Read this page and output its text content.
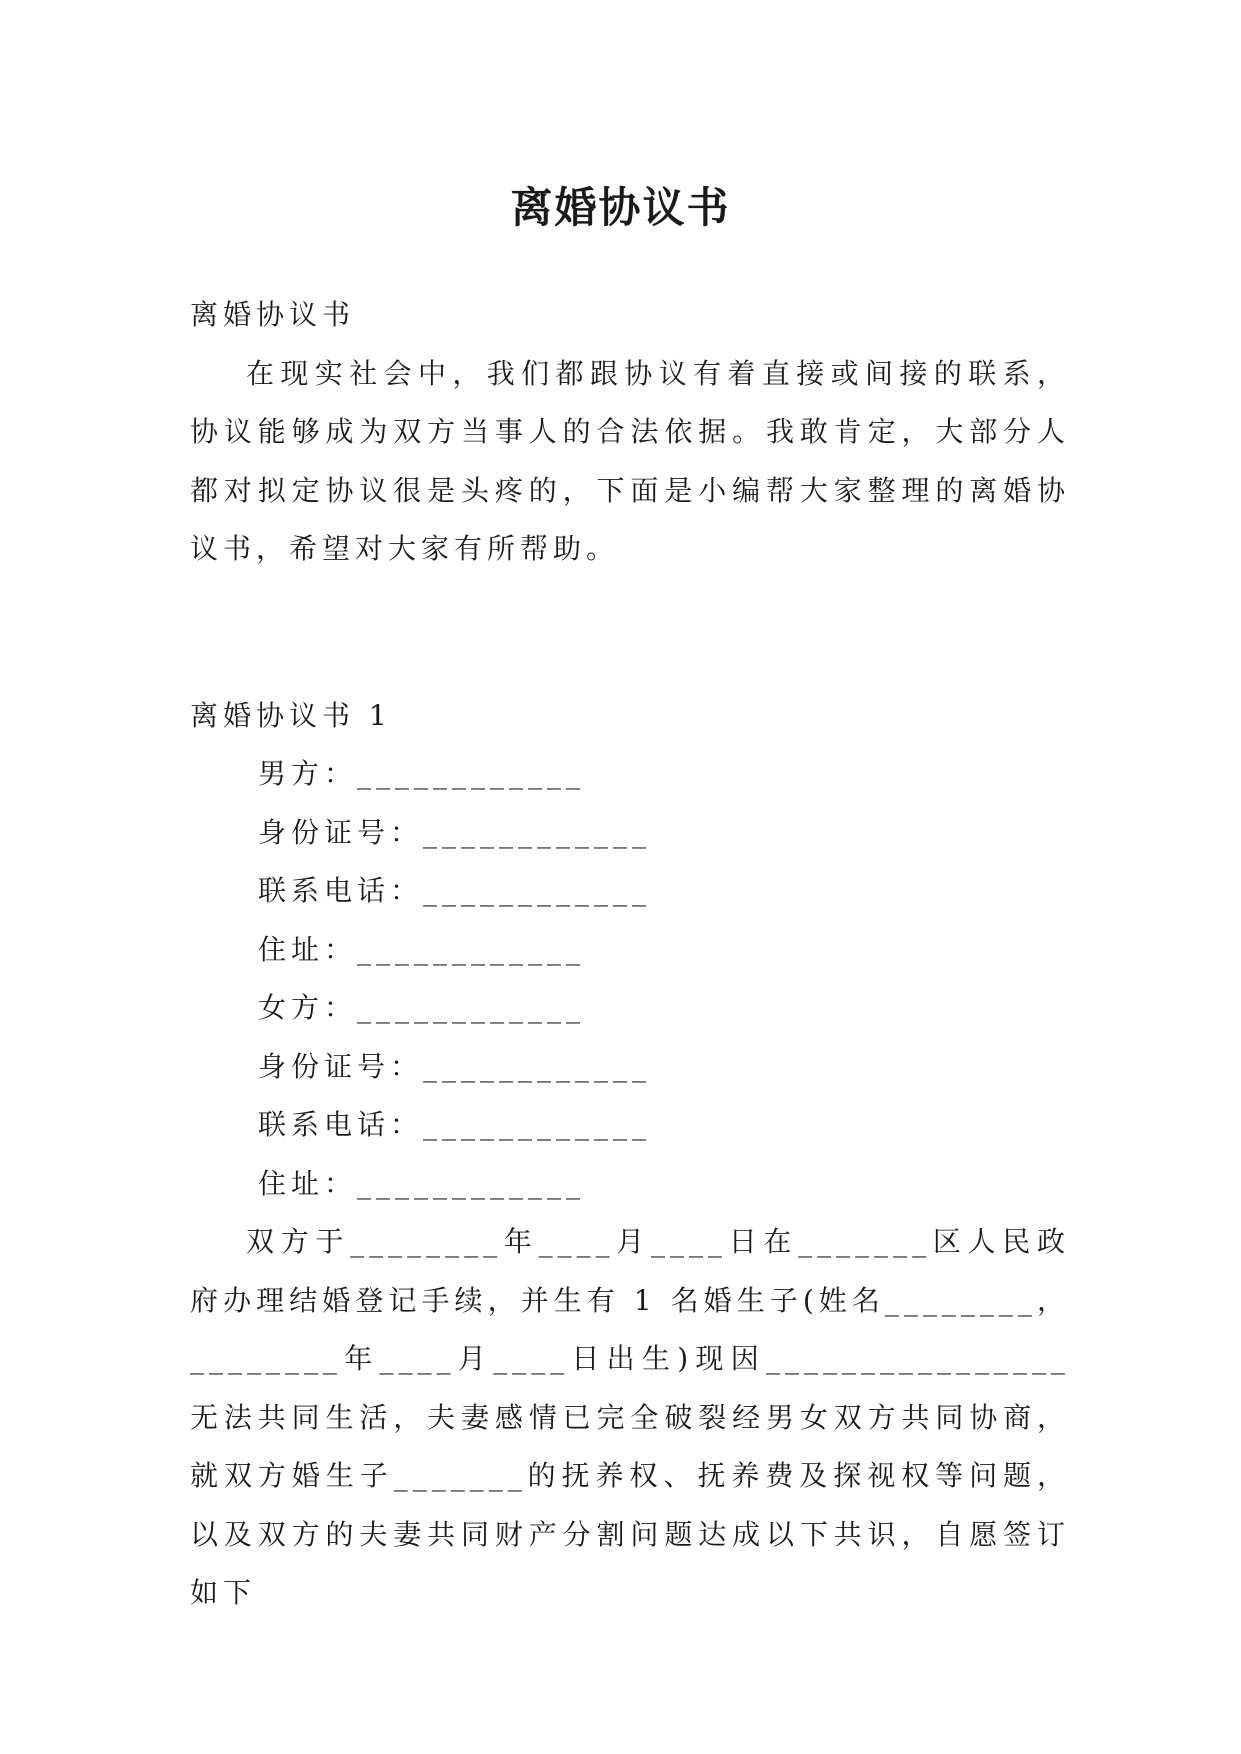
离婚协议书

离婚协议书

在现实社会中，我们都跟协议有着直接或间接的联系，协议能够成为双方当事人的合法依据。我敢肯定，大部分人都对拟定协议很是头疼的，下面是小编帮大家整理的离婚协议书，希望对大家有所帮助。

离婚协议书 1

男方：____________

身份证号：____________

联系电话：____________

住址：____________

女方：____________

身份证号：____________

联系电话：____________

住址：____________

双方于________年____月____日在_______区人民政府办理结婚登记手续，并生有 1 名婚生子(姓名________，________年____月____日出生)现因________________无法共同生活，夫妻感情已完全破裂经男女双方共同协商，就双方婚生子_______的抚养权、抚养费及探视权等问题，以及双方的夫妻共同财产分割问题达成以下共识，自愿签订如下
